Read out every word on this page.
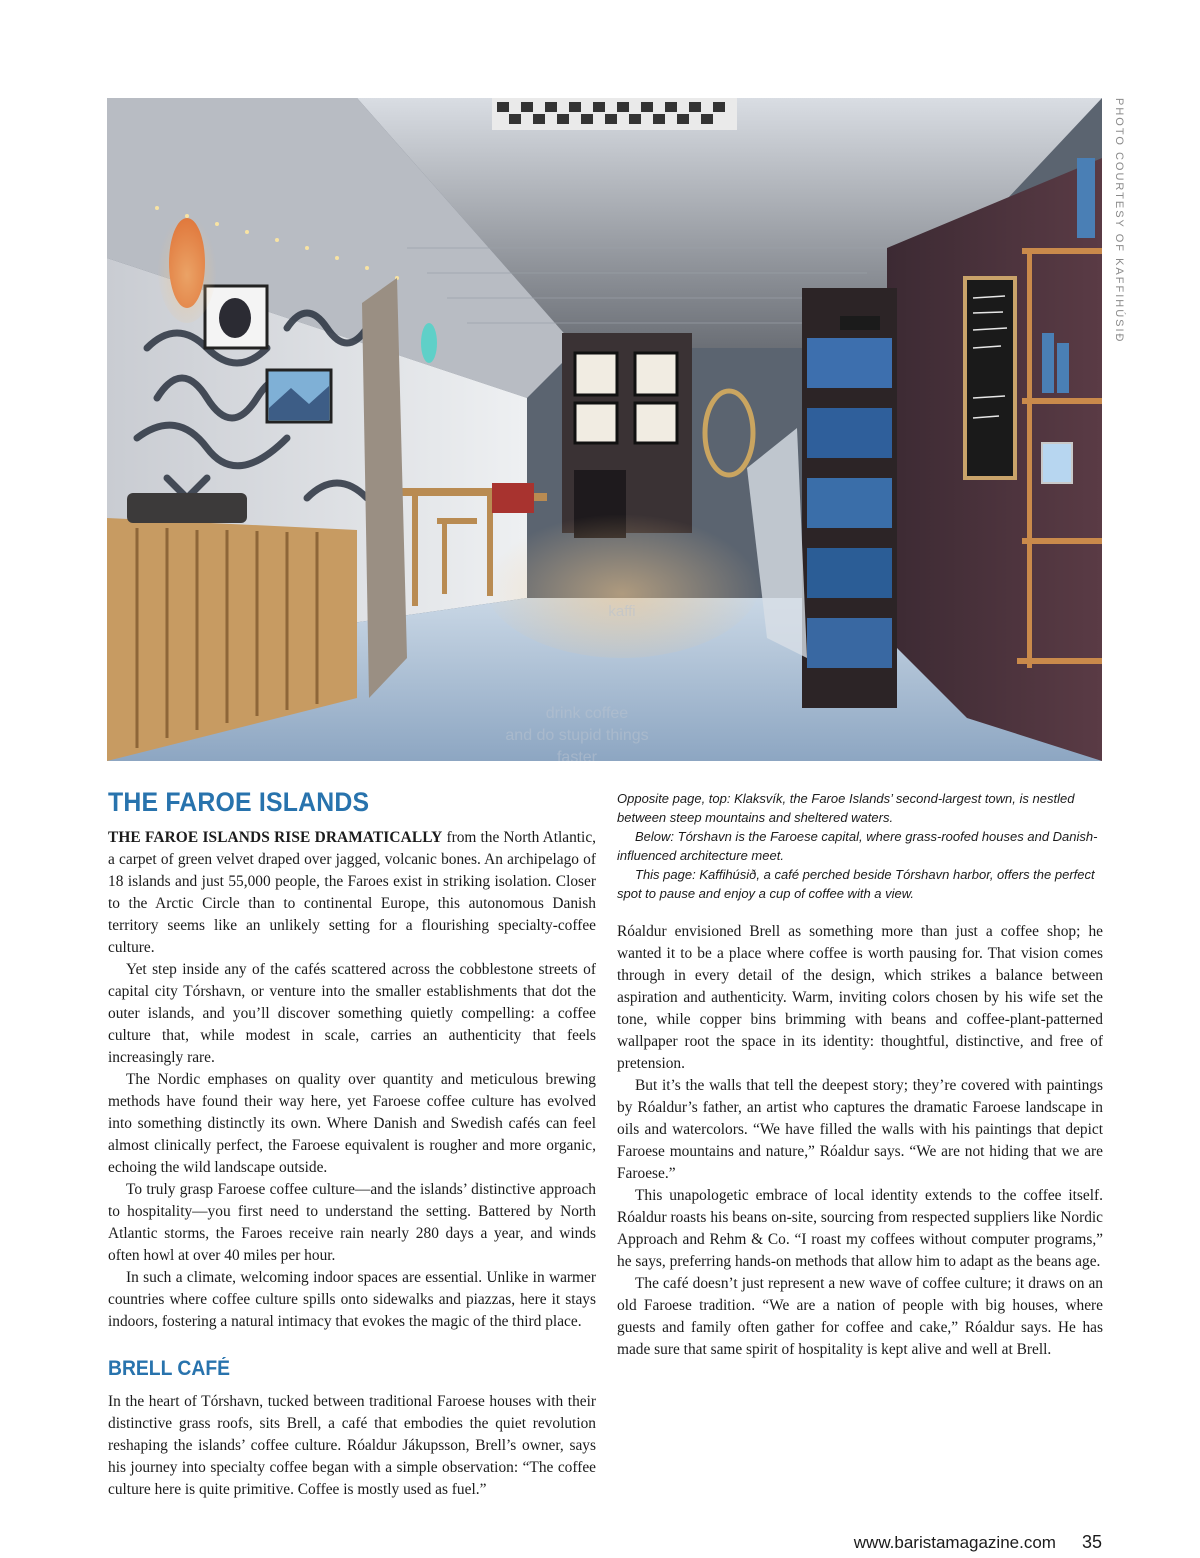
kaffi
drink coffee
and do stupid things
faster
PHOTO COURTESY OF KAFFIHÚSIÐ
THE FAROE ISLANDS

THE FAROE ISLANDS RISE DRAMATICALLY from the North Atlantic, a carpet of green velvet draped over jagged, volcanic bones. An archipelago of 18 islands and just 55,000 people, the Faroes exist in striking isolation. Closer to the Arctic Circle than to continental Europe, this autonomous Danish territory seems like an unlikely setting for a flourishing specialty-coffee culture.

Yet step inside any of the cafés scattered across the cobblestone streets of capital city Tórshavn, or venture into the smaller establishments that dot the outer islands, and you’ll discover something quietly compelling: a coffee culture that, while modest in scale, carries an authenticity that feels increasingly rare.

The Nordic emphases on quality over quantity and meticulous brewing methods have found their way here, yet Faroese coffee culture has evolved into something distinctly its own. Where Danish and Swedish cafés can feel almost clinically perfect, the Faroese equivalent is rougher and more organic, echoing the wild landscape outside.

To truly grasp Faroese coffee culture—and the islands’ distinctive approach to hospitality—you first need to understand the setting. Battered by North Atlantic storms, the Faroes receive rain nearly 280 days a year, and winds often howl at over 40 miles per hour.

In such a climate, welcoming indoor spaces are essential. Unlike in warmer countries where coffee culture spills onto sidewalks and piazzas, here it stays indoors, fostering a natural intimacy that evokes the magic of the third place.

BRELL CAFÉ

In the heart of Tórshavn, tucked between traditional Faroese houses with their distinctive grass roofs, sits Brell, a café that embodies the quiet revolution reshaping the islands’ coffee culture. Róaldur Jákupsson, Brell’s owner, says his journey into specialty coffee began with a simple observation: “The coffee culture here is quite primitive. Coffee is mostly used as fuel.”

Opposite page, top: Klaksvík, the Faroe Islands’ second-largest town, is nestled between steep mountains and sheltered waters.

Below: Tórshavn is the Faroese capital, where grass-roofed houses and Danish-influenced architecture meet.

This page: Kaffihúsið, a café perched beside Tórshavn harbor, offers the perfect spot to pause and enjoy a cup of coffee with a view.

Róaldur envisioned Brell as something more than just a coffee shop; he wanted it to be a place where coffee is worth pausing for. That vision comes through in every detail of the design, which strikes a balance between aspiration and authenticity. Warm, inviting colors chosen by his wife set the tone, while copper bins brimming with beans and coffee-plant-patterned wallpaper root the space in its identity: thoughtful, distinctive, and free of pretension.

But it’s the walls that tell the deepest story; they’re covered with paintings by Róaldur’s father, an artist who captures the dramatic Faroese landscape in oils and watercolors. “We have filled the walls with his paintings that depict Faroese mountains and nature,” Róaldur says. “We are not hiding that we are Faroese.”

This unapologetic embrace of local identity extends to the coffee itself. Róaldur roasts his beans on-site, sourcing from respected suppliers like Nordic Approach and Rehm & Co. “I roast my coffees without computer programs,” he says, preferring hands-on methods that allow him to adapt as the beans age.

The café doesn’t just represent a new wave of coffee culture; it draws on an old Faroese tradition. “We are a nation of people with big houses, where guests and family often gather for coffee and cake,” Róaldur says. He has made sure that same spirit of hospitality is kept alive and well at Brell.

www.baristamagazine.com 35
